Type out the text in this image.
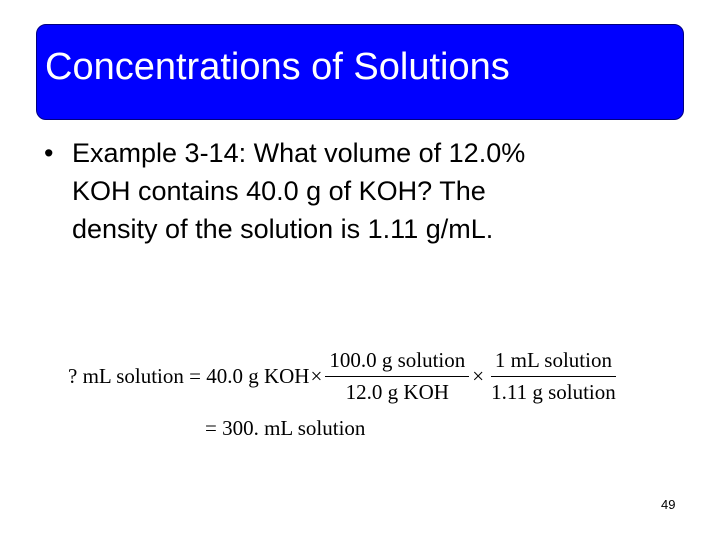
Concentrations of Solutions
• Example 3-14: What volume of 12.0%
KOH contains 40.0 g of KOH? The
density of the solution is 1.11 g/mL.
? mL solution = 40.0 g KOH × $\frac{\text{100.0 g solution}}{\text{12.0 g KOH}} \times \frac{\text{1 mL solution}}{\text{1.11 g solution}}$
= 300. mL solution
49
